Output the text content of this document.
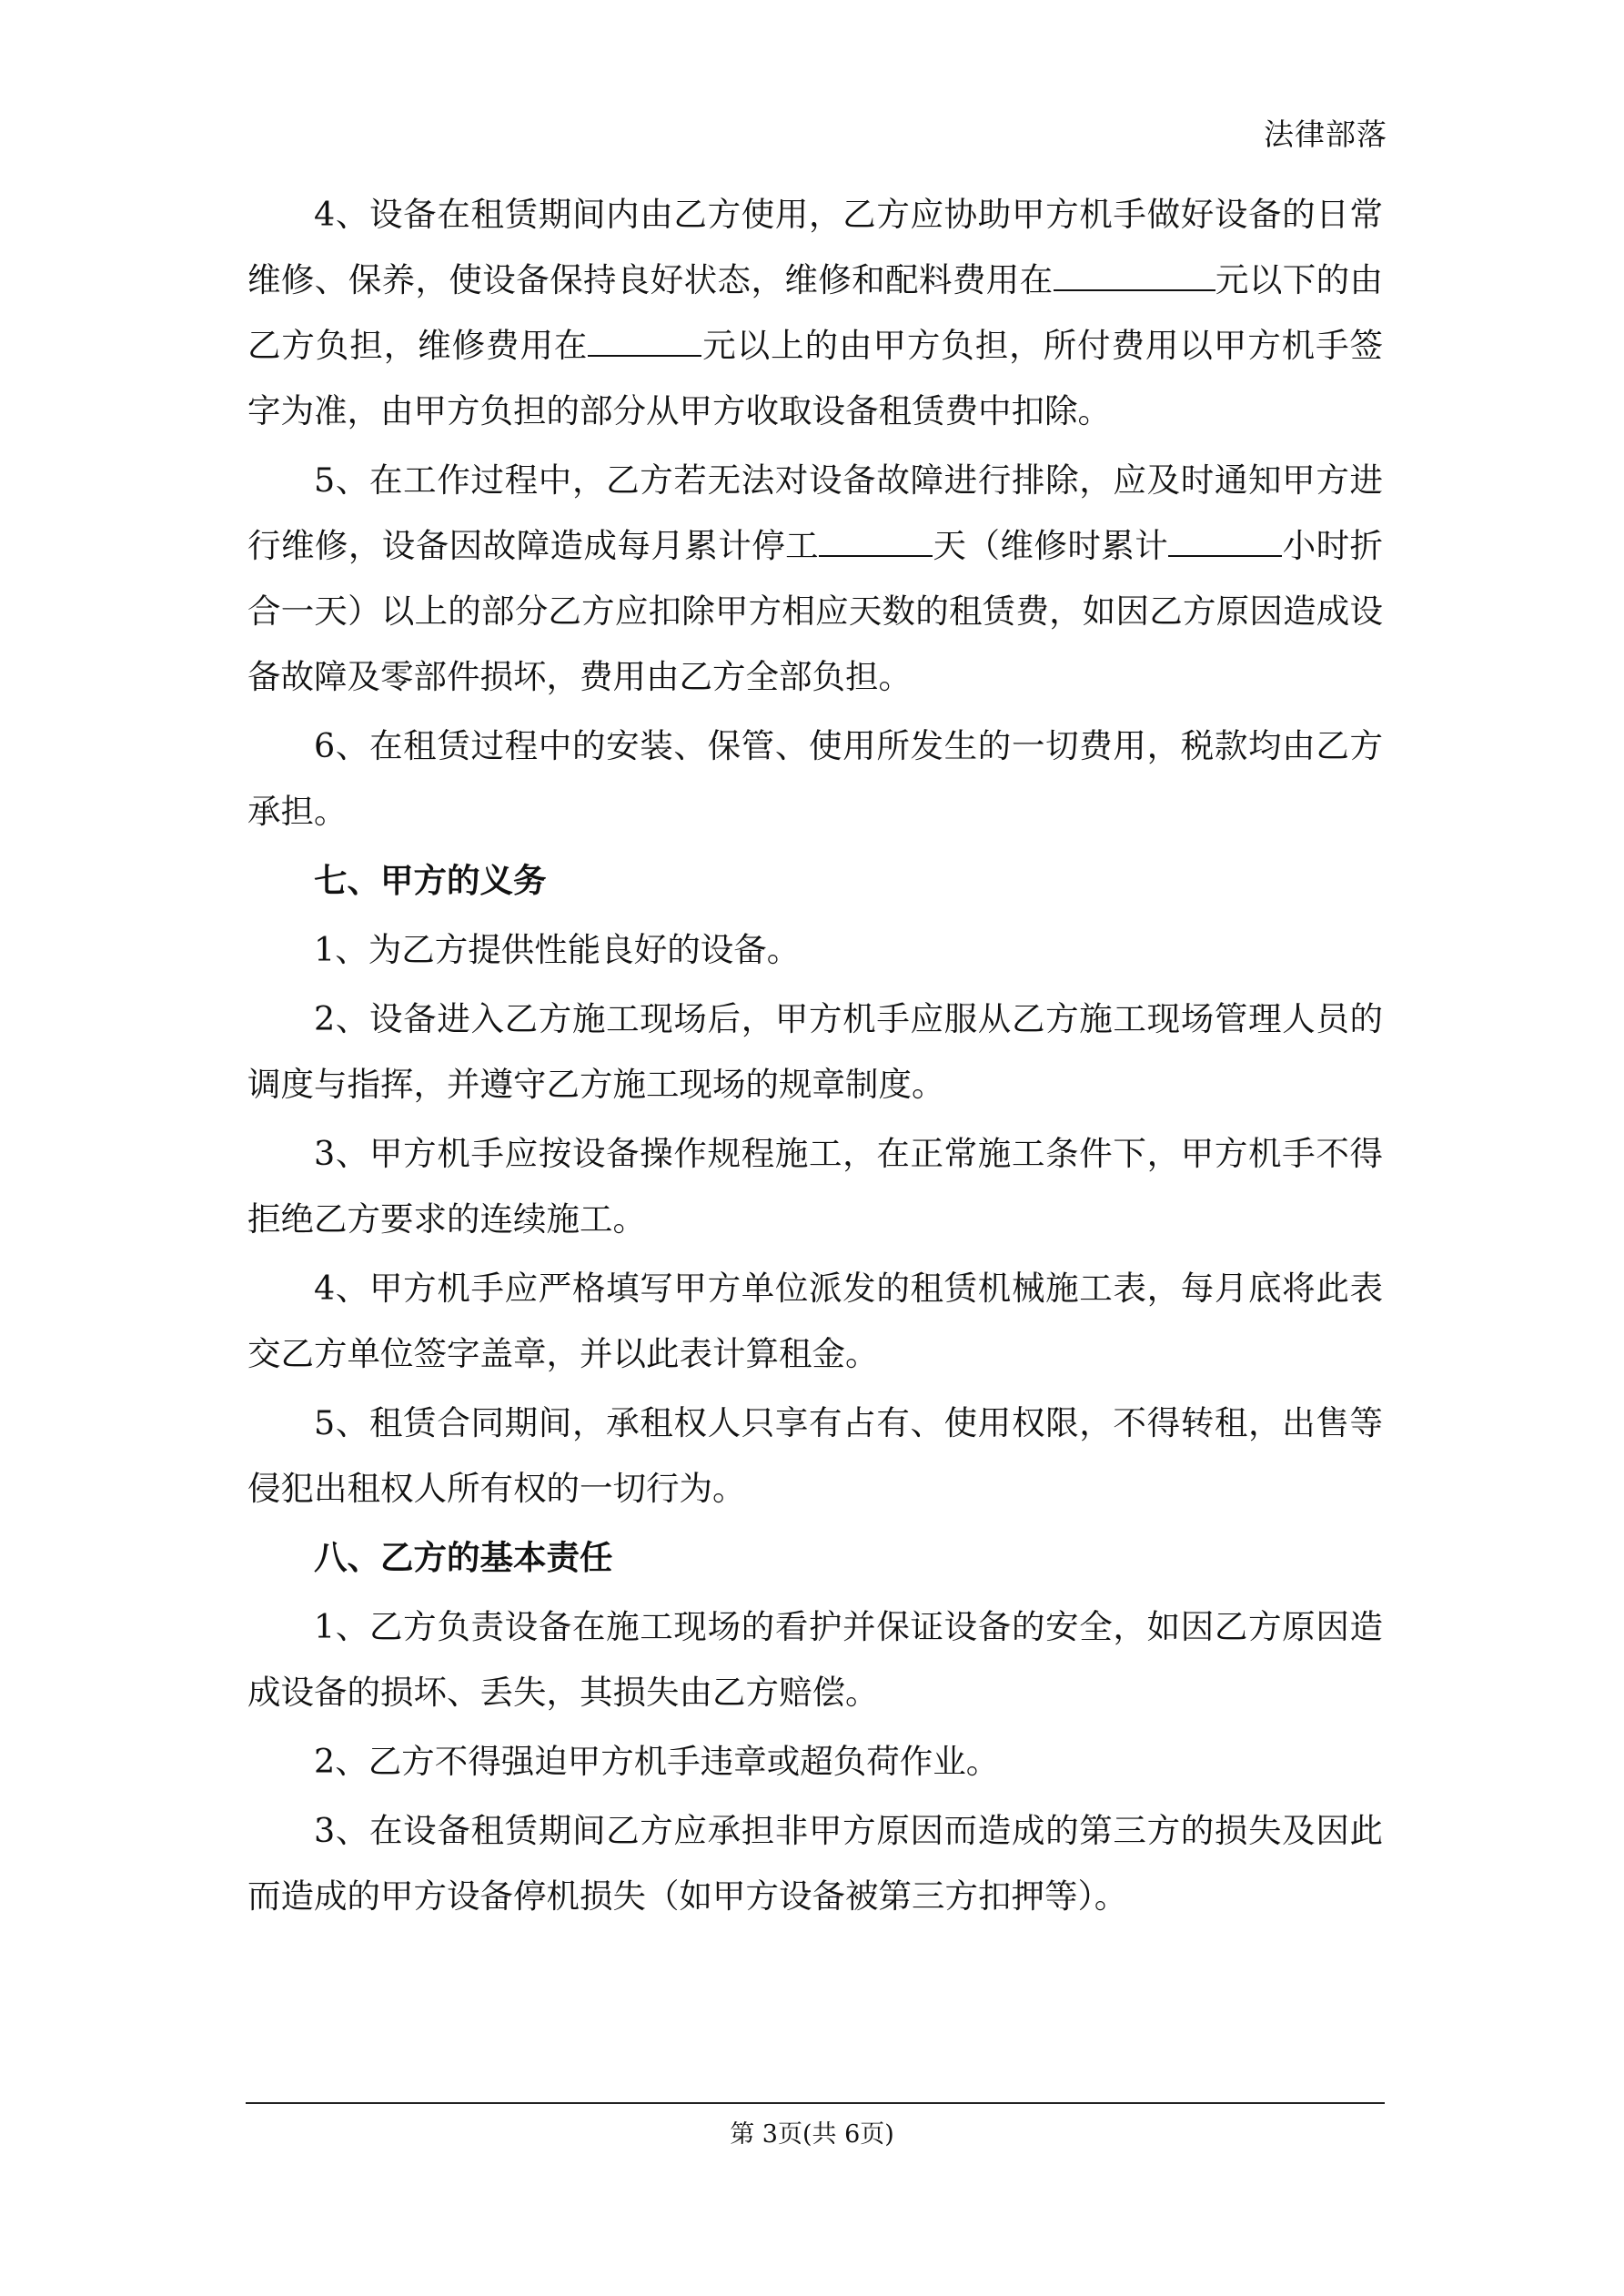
法律部落

4、设备在租赁期间内由乙方使用，乙方应协助甲方机手做好设备的日常维修、保养，使设备保持良好状态，维修和配料费用在	元以下的由乙方负担，维修费用在	元以上的由甲方负担，所付费用以甲方机手签字为准，由甲方负担的部分从甲方收取设备租赁费中扣除。

5、在工作过程中，乙方若无法对设备故障进行排除，应及时通知甲方进行维修，设备因故障造成每月累计停工	天（维修时累计	小时折合一天）以上的部分乙方应扣除甲方相应天数的租赁费，如因乙方原因造成设备故障及零部件损坏，费用由乙方全部负担。

6、在租赁过程中的安装、保管、使用所发生的一切费用，税款均由乙方承担。

七、甲方的义务

1、为乙方提供性能良好的设备。

2、设备进入乙方施工现场后，甲方机手应服从乙方施工现场管理人员的调度与指挥，并遵守乙方施工现场的规章制度。

3、甲方机手应按设备操作规程施工，在正常施工条件下，甲方机手不得拒绝乙方要求的连续施工。

4、甲方机手应严格填写甲方单位派发的租赁机械施工表，每月底将此表交乙方单位签字盖章，并以此表计算租金。

5、租赁合同期间，承租权人只享有占有、使用权限，不得转租，出售等侵犯出租权人所有权的一切行为。

八、乙方的基本责任

1、乙方负责设备在施工现场的看护并保证设备的安全，如因乙方原因造成设备的损坏、丢失，其损失由乙方赔偿。

2、乙方不得强迫甲方机手违章或超负荷作业。

3、在设备租赁期间乙方应承担非甲方原因而造成的第三方的损失及因此而造成的甲方设备停机损失（如甲方设备被第三方扣押等）。

第 3页(共 6页)
